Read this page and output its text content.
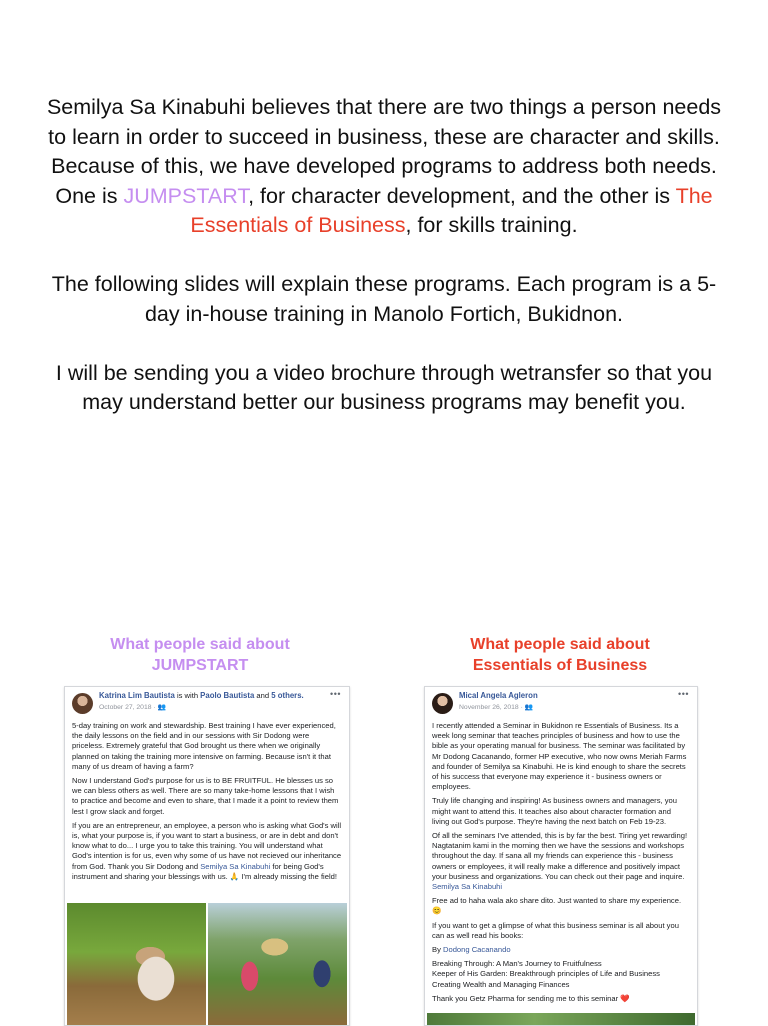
Semilya Sa Kinabuhi believes that there are two things a person needs to learn in order to succeed in business, these are character and skills. Because of this, we have developed programs to address both needs. One is JUMPSTART, for character development, and the other is The Essentials of Business, for skills training.

The following slides will explain these programs. Each program is a 5-day in-house training in Manolo Fortich, Bukidnon.

I will be sending you a video brochure through wetransfer so that you may understand better our business programs may benefit you.

What people said about
JUMPSTART
What people said about
Essentials of Business
Katrina Lim Bautista is with Paolo Bautista and 5 others.
October 27, 2018 · 👥
•••

5-day training on work and stewardship. Best training I have ever experienced, the daily lessons on the field and in our sessions with Sir Dodong were priceless. Extremely grateful that God brought us there when we originally planned on taking the training more intensive on farming. Because isn't it that many of us dream of having a farm?

Now I understand God's purpose for us is to BE FRUITFUL. He blesses us so we can bless others as well. There are so many take-home lessons that I wish to practice and become and even to share, that I made it a point to review them lest I grow slack and forget.

If you are an entrepreneur, an employee, a person who is asking what God's will is, what your purpose is, if you want to start a business, or are in debt and don't know what to do... I urge you to take this training. You will understand what God's intention is for us, even why some of us have not recieved our inheritance from God. Thank you Sir Dodong and Semilya Sa Kinabuhi for being God's instrument and sharing your blessings with us. 🙏 I'm already missing the field!

Mical Angela Agleron
November 26, 2018 · 👥
•••

I recently attended a Seminar in Bukidnon re Essentials of Business. Its a week long seminar that teaches principles of business and how to use the bible as your operating manual for business. The seminar was facilitated by Mr Dodong Cacanando, former HP executive, who now owns Meriah Farms and founder of Semilya sa Kinabuhi. He is kind enough to share the secrets of his success that everyone may experience it - business owners or employees.

Truly life changing and inspiring! As business owners and managers, you might want to attend this. It teaches also about character formation and living out God's purpose. They're having the next batch on Feb 19-23.

Of all the seminars I've attended, this is by far the best. Tiring yet rewarding! Nagtatanim kami in the morning then we have the sessions and workshops throughout the day. If sana all my friends can experience this - business owners or employees, it will really make a difference and positively impact your business and organizations. You can check out their page and inquire. Semilya Sa Kinabuhi

Free ad to haha wala ako share dito. Just wanted to share my experience. 😊

If you want to get a glimpse of what this business seminar is all about you can as well read his books:

By Dodong Cacanando

Breaking Through: A Man's Journey to Fruitfulness
Keeper of His Garden: Breakthrough principles of Life and Business
Creating Wealth and Managing Finances

Thank you Getz Pharma for sending me to this seminar ❤️
